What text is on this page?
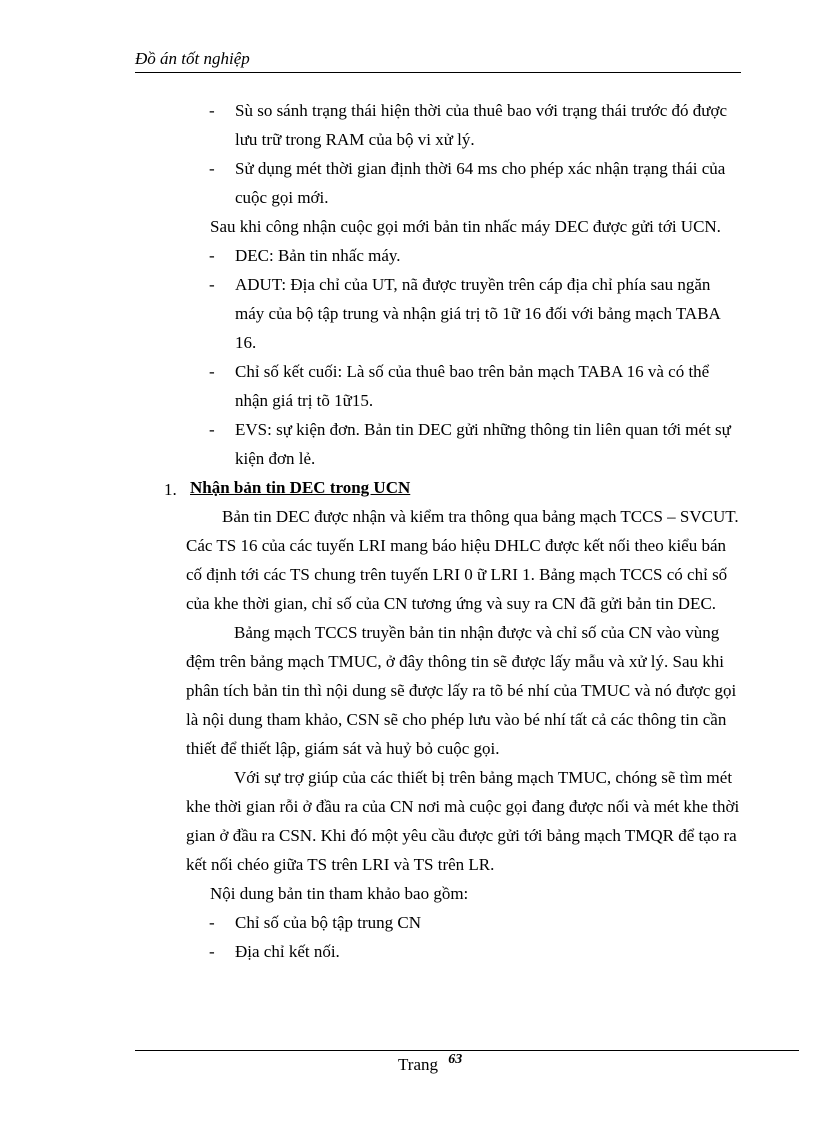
Đồ án tốt nghiệp
-	Sù so sánh trạng thái hiện thời của thuê bao với trạng thái trước đó được lưu trữ trong RAM của bộ vi xử lý.
-	Sử dụng mét thời gian định thời 64 ms cho phép xác nhận trạng thái của cuộc gọi mới.
Sau khi công nhận cuộc gọi mới bản tin nhấc máy DEC được gửi tới UCN.
-	DEC: Bản tin nhấc máy.
-	ADUT: Địa chỉ của UT, nã được truyền trên cáp địa chỉ phía sau ngăn máy của bộ tập trung và nhận giá trị tõ 1ữ 16 đối với bảng mạch TABA 16.
-	Chỉ số kết cuối: Là số của thuê bao trên bản mạch TABA 16 và có thể nhận giá trị tõ 1ữ15.
-	EVS: sự kiện đơn. Bản tin DEC gửi những thông tin liên quan tới mét sự kiện đơn lẻ.
1. Nhận bản tin DEC trong UCN
Bản tin DEC được nhận và kiểm tra thông qua bảng mạch TCCS – SVCUT. Các TS 16 của các tuyến LRI mang báo hiệu DHLC được kết nối theo kiểu bán cố định tới các TS chung trên tuyến LRI 0 ữ LRI 1. Bảng mạch TCCS có chỉ số của khe thời gian, chỉ số của CN tương ứng và suy ra CN đã gửi bản tin DEC.
Bảng mạch TCCS truyền bản tin nhận được và chỉ số của CN vào vùng đệm trên bảng mạch TMUC, ở đây thông tin sẽ được lấy mẫu và xử lý. Sau khi phân tích bản tin thì nội dung sẽ được lấy ra tõ bé nhí của TMUC và nó được gọi là nội dung tham khảo, CSN sẽ cho phép lưu vào bé nhí tất cả các thông tin cần thiết để thiết lập, giám sát và huỷ bỏ cuộc gọi.
Với sự trợ giúp của các thiết bị trên bảng mạch TMUC, chóng sẽ tìm mét khe thời gian rỗi ở đầu ra của CN nơi mà cuộc gọi đang được nối và mét khe thời gian ở đầu ra CSN. Khi đó một yêu cầu được gửi tới bảng mạch TMQR để tạo ra kết nối chéo giữa TS trên LRI và TS trên LR.
Nội dung bản tin tham khảo bao gồm:
-	Chỉ số của bộ tập trung CN
-	Địa chỉ kết nối.
Trang $^{63}$
